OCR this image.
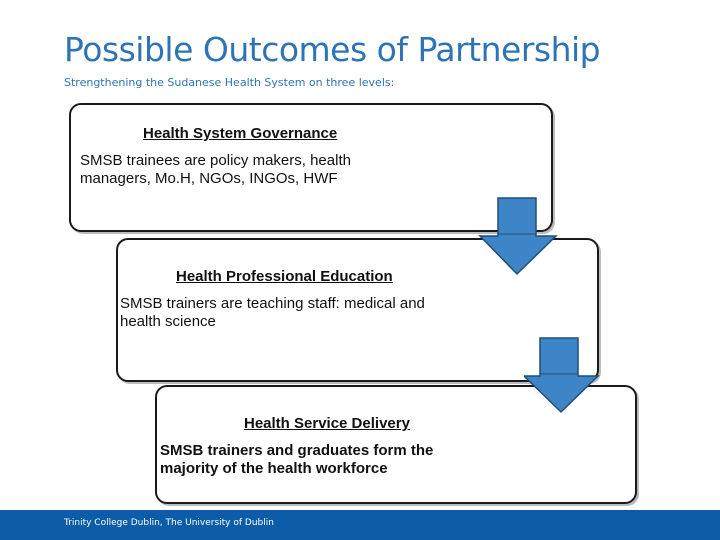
Possible Outcomes of Partnership
Strengthening the Sudanese Health System on three levels:
Health System Governance
SMSB trainees are policy makers, health managers, Mo.H, NGOs, INGOs, HWF
Health Professional Education
SMSB trainers are teaching staff: medical and health science
Health Service Delivery
SMSB trainers and graduates form the majority of the health workforce
Trinity College Dublin, The University of Dublin
